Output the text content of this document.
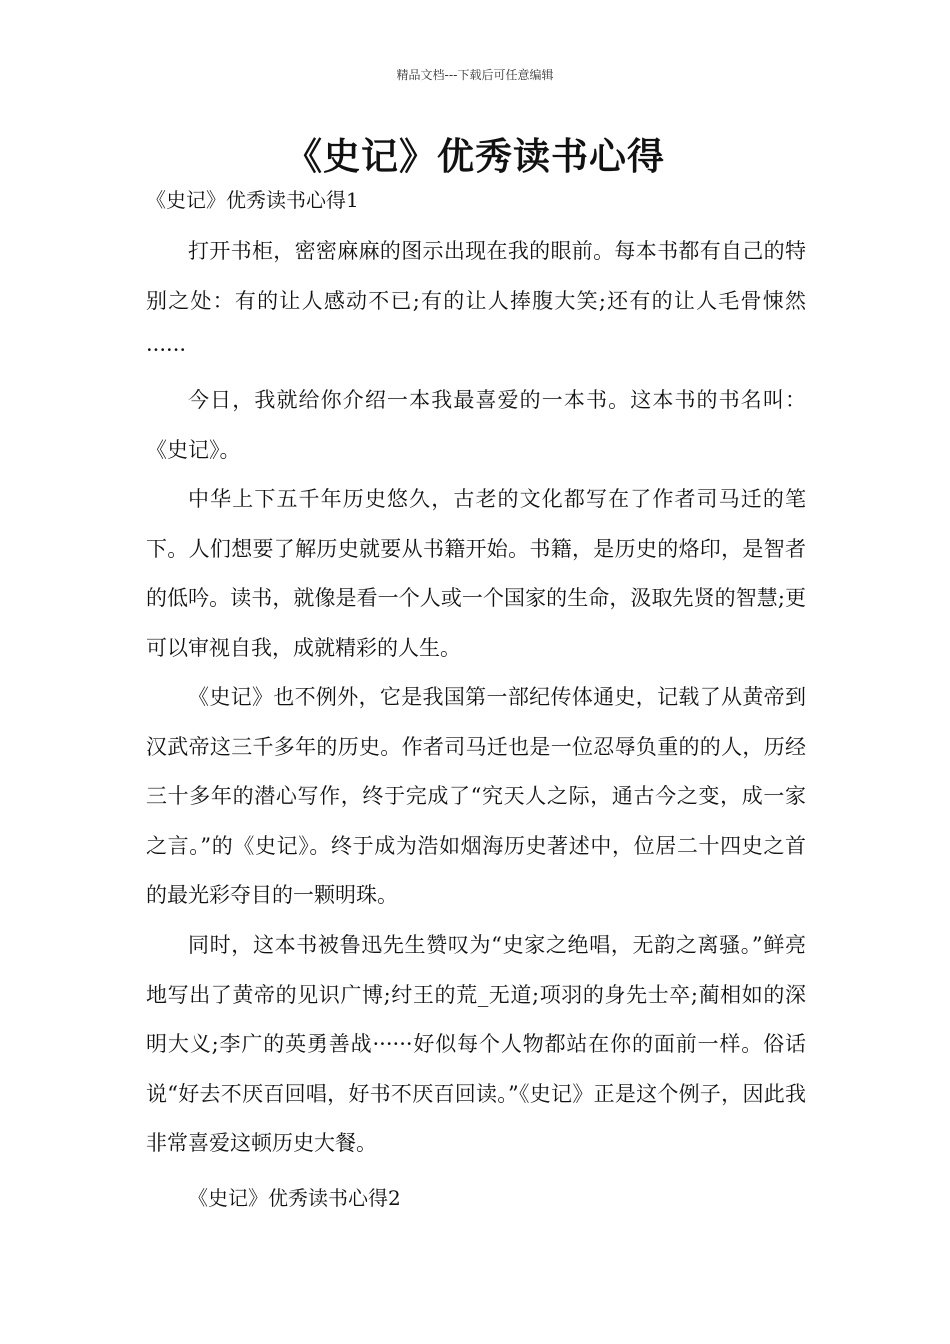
精品文档---下载后可任意编辑
《史记》优秀读书心得
《史记》优秀读书心得1
打开书柜，密密麻麻的图示出现在我的眼前。每本书都有自己的特别之处：有的让人感动不已;有的让人捧腹大笑;还有的让人毛骨悚然······
今日，我就给你介绍一本我最喜爱的一本书。这本书的书名叫：《史记》。
中华上下五千年历史悠久，古老的文化都写在了作者司马迁的笔下。人们想要了解历史就要从书籍开始。书籍，是历史的烙印，是智者的低吟。读书，就像是看一个人或一个国家的生命，汲取先贤的智慧;更可以审视自我，成就精彩的人生。
《史记》也不例外，它是我国第一部纪传体通史，记载了从黄帝到汉武帝这三千多年的历史。作者司马迁也是一位忍辱负重的的人，历经三十多年的潜心写作，终于完成了“究天人之际，通古今之变，成一家之言。”的《史记》。终于成为浩如烟海历史著述中，位居二十四史之首的最光彩夺目的一颗明珠。
同时，这本书被鲁迅先生赞叹为“史家之绝唱，无韵之离骚。”鲜亮地写出了黄帝的见识广博;纣王的荒_无道;项羽的身先士卒;蔺相如的深明大义;李广的英勇善战······好似每个人物都站在你的面前一样。俗话说“好去不厌百回唱，好书不厌百回读。”《史记》正是这个例子，因此我非常喜爱这顿历史大餐。
《史记》优秀读书心得2
